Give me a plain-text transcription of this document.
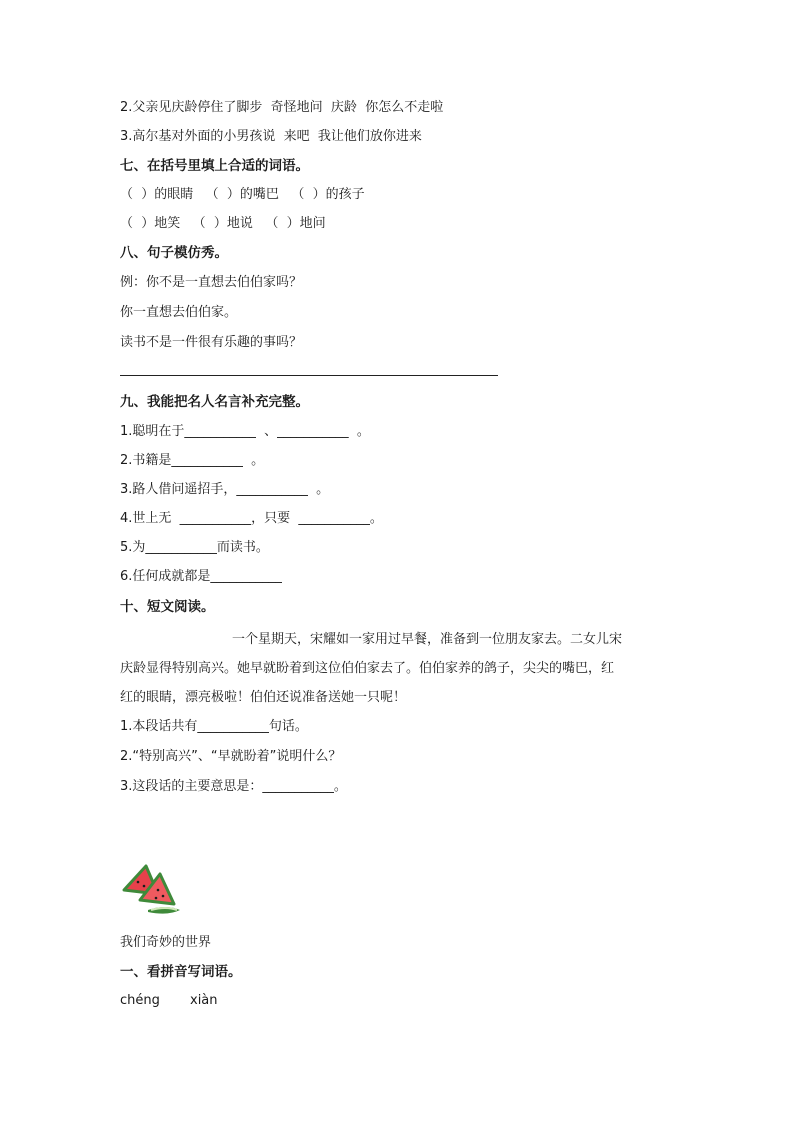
2.父亲见庆龄停住了脚步  奇怪地问  庆龄  你怎么不走啦
3.高尔基对外面的小男孩说  来吧  我让他们放你进来
七、在括号里填上合适的词语。
（  ）的眼睛   （  ）的嘴巴   （  ）的孩子
（  ）地笑   （  ）地说   （  ）地问
八、句子模仿秀。
例：你不是一直想去伯伯家吗？
你一直想去伯伯家。
读书不是一件很有乐趣的事吗？
九、我能把名人名言补充完整。
1.聪明在于___________  、___________  。
2.书籍是___________  。
3.路人借问遥招手，___________  。
4.世上无  ___________，只要  ___________。
5.为___________而读书。
6.任何成就都是___________
十、短文阅读。
一个星期天，宋耀如一家用过早餐，准备到一位朋友家去。二女儿宋
庆龄显得特别高兴。她早就盼着到这位伯伯家去了。伯伯家养的鸽子，尖尖的嘴巴，红
红的眼睛，漂亮极啦！伯伯还说准备送她一只呢！
1.本段话共有___________句话。
2.“特别高兴”、“早就盼着”说明什么？
3.这段话的主要意思是：___________。
我们奇妙的世界
一、看拼音写词语。
chéng xiàn
